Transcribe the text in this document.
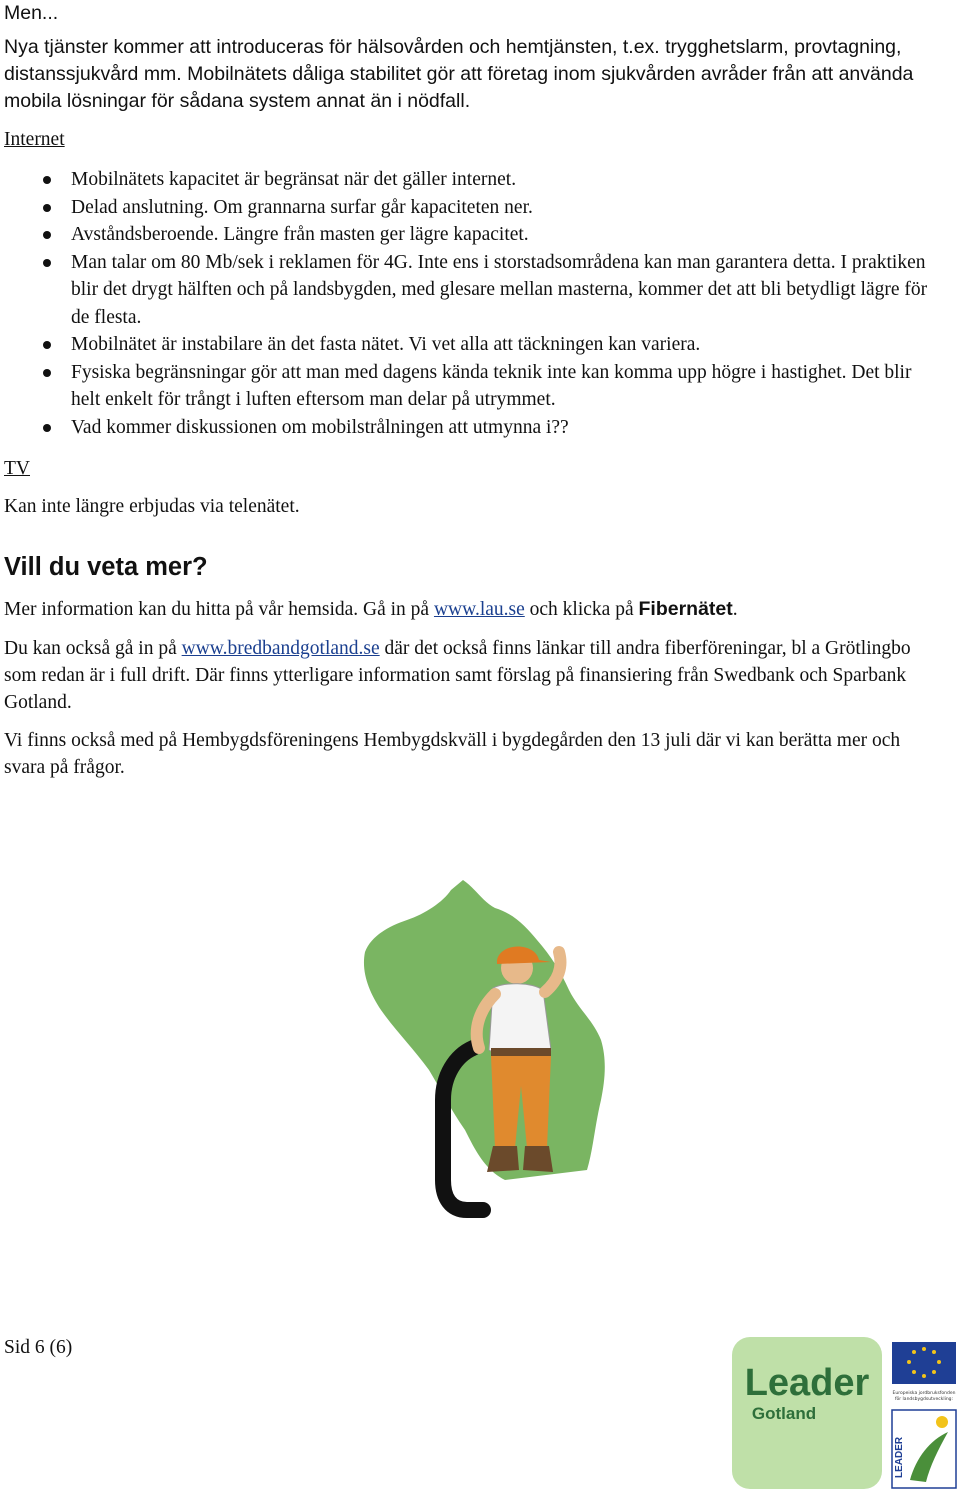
Men...

Nya tjänster kommer att introduceras för hälsovården och hemtjänsten, t.ex. trygghetslarm, provtagning, distanssjukvård mm. Mobilnätets dåliga stabilitet gör att företag inom sjukvården avråder från att använda mobila lösningar för sådana system annat än i nödfall.

Internet
Mobilnätets kapacitet är begränsat när det gäller internet.
Delad anslutning. Om grannarna surfar går kapaciteten ner.
Avståndsberoende. Längre från masten ger lägre kapacitet.
Man talar om 80 Mb/sek i reklamen för 4G. Inte ens i storstadsområdena kan man garantera detta. I praktiken blir det drygt hälften och på landsbygden, med glesare mellan masterna, kommer det att bli betydligt lägre för de flesta.
Mobilnätet är instabilare än det fasta nätet. Vi vet alla att täckningen kan variera.
Fysiska begränsningar gör att man med dagens kända teknik inte kan komma upp högre i hastighet. Det blir helt enkelt för trångt i luften eftersom man delar på utrymmet.
Vad kommer diskussionen om mobilstrålningen att utmynna i??
TV

Kan inte längre erbjudas via telenätet.

Vill du veta mer?

Mer information kan du hitta på vår hemsida. Gå in på www.lau.se och klicka på Fibernätet.

Du kan också gå in på www.bredbandgotland.se där det också finns länkar till andra fiberföreningar, bl a Grötlingbo som redan är i full drift. Där finns ytterligare information samt förslag på finansiering från Swedbank och Sparbank Gotland.

Vi finns också med på Hembygdsföreningens Hembygdskväll i bygdegården den 13 juli där vi kan berätta mer och svara på frågor.

Sid 6 (6)
Leader
Gotland
Europeiska jordbruksfonden
för landsbygdsutveckling:
LEADER
